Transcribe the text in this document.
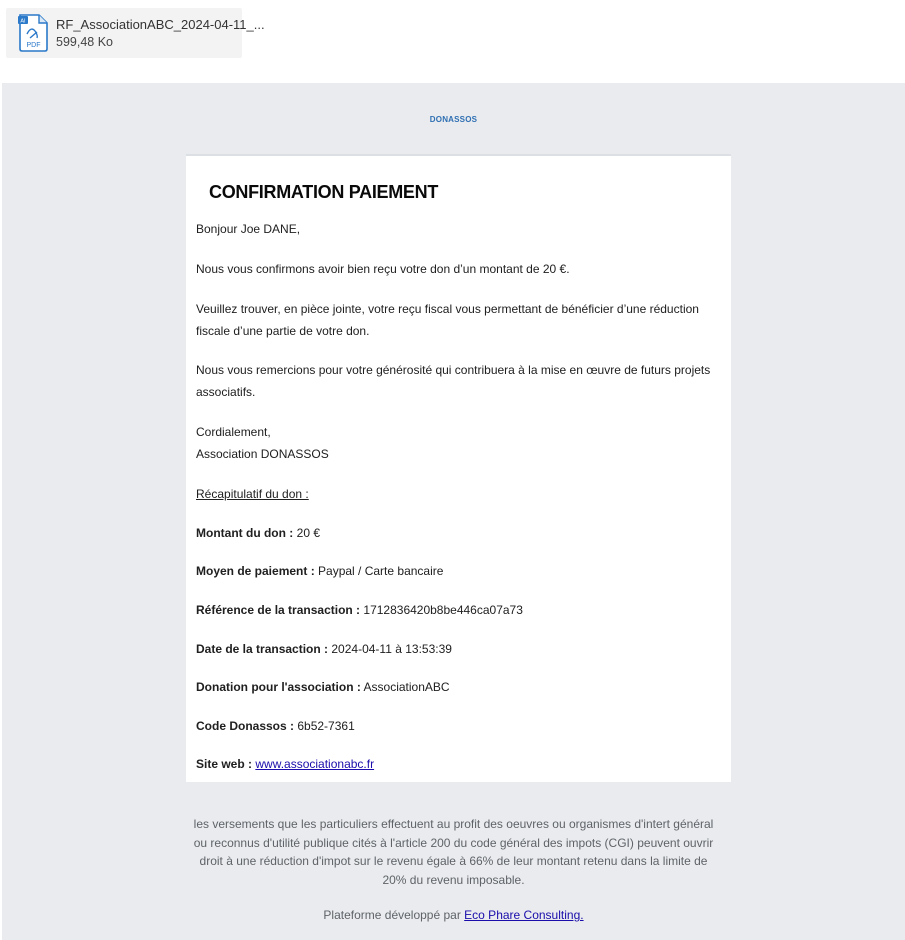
AI
PDF
RF_AssociationABC_2024-04-11_...
599,48 Ko
DONASSOS
CONFIRMATION PAIEMENT
Bonjour Joe DANE,
Nous vous confirmons avoir bien reçu votre don d’un montant de 20 €.
Veuillez trouver, en pièce jointe, votre reçu fiscal vous permettant de bénéficier d’une réduction fiscale d’une partie de votre don.
Nous vous remercions pour votre générosité qui contribuera à la mise en œuvre de futurs projets associatifs.
Cordialement,
Association DONASSOS
Récapitulatif du don :
Montant du don : 20 €
Moyen de paiement : Paypal / Carte bancaire
Référence de la transaction : 1712836420b8be446ca07a73
Date de la transaction : 2024-04-11 à 13:53:39
Donation pour l'association : AssociationABC
Code Donassos : 6b52-7361
Site web : www.associationabc.fr
les versements que les particuliers effectuent au profit des oeuvres ou organismes d'intert général ou reconnus d'utilité publique cités à l'article 200 du code général des impots (CGI) peuvent ouvrir droit à une réduction d'impot sur le revenu égale à 66% de leur montant retenu dans la limite de 20% du revenu imposable.
Plateforme développé par Eco Phare Consulting.
